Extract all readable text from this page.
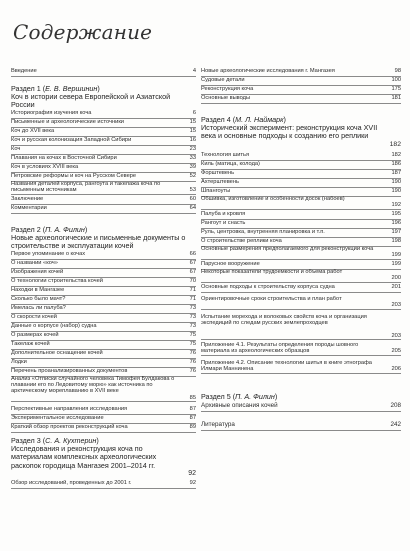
Содержание
Введение	4
Раздел 1 (Е. В. Вершинин)
Коч в истории севера Европейской и Азиатской России
Историография изучения коча	6
Письменные и археологические источники	15
Коч до XVII века	15
Коч и русская колонизация Западной Сибири	16
Коч	23
Плавания на кочах в Восточной Сибири	33
Коч в условиях XVIII века	39
Петровские реформы и коч на Русском Севере	52
Названия деталей корпуса, рангоута и такелажа коча по письменным источникам	53
Заключение	60
Комментарии	64
Раздел 2 (П. А. Филин)
Новые археологические и письменные документы о строительстве и эксплуатации кочей
Первое упоминание о кочах	66
О названии «коч»	67
Изображения кочей	67
О технологии строительства кочей	70
Находки в Мангазее	71
Сколько было мачт?	71
Имелась ли палуба?	73
О скорости кочей	73
Данные о корпусе (набор) судна	73
О размерах кочей	75
Такелаж кочей	75
Дополнительное оснащение кочей	76
Лодки	76
Перечень проанализированных документов	76
Анализ «Отписки случайного человека Тимофея Булдакова о плавании его по Ледовитому морю» как источника по арктическому мореплаванию в XVII веке
85
Перспективные направления исследования	87
Экспериментальное исследование	87
Краткий обзор проектов реконструкций коча	89
Раздел 3 (С. А. Кухтерин)
Исследования и реконструкция коча по материалам комплексных археологических раскопок городища Мангазея 2001–2014 гг.
92
Обзор исследований, проведенных до 2001 г.	92
Новые археологические исследования г. Мангазея	98
Судовые детали	100
Реконструкция коча	175
Основные выводы	181
Раздел 4 (М. Л. Наймарк)
Исторический эксперимент: реконструкция коча XVII века и основные подходы к созданию его реплики
182
Технология шитья	182
Киль (матица, колода)	186
Форштевень	187
Ахтерштевень	190
Шпангоуты	190
Обшивка, изготовление и особенности досок (набоев)
192
Палуба и кровля	195
Рангоут и снасть	196
Руль, центровка, внутренняя планировка и т.п.	197
О строительстве реплики коча	198
Основные размерения предполагаемого для реконструкции коча
199
Парусное вооружение	199
Некоторые показатели трудоемкости и объема работ
200
Основные подходы к строительству корпуса судна	201
Ориентировочные сроки строительства и план работ
203
Испытание морехода и волоковых свойств коча и организация экспедиций по следам русских землепроходцев
203
Приложение 4.1. Результаты определения породы шовного материала из археологических образцов	205
Приложение 4.2. Описание технологии шитья в книге этнографа Илмари Маннинена	206
Раздел 5 (П. А. Филин)
Архивные описания кочей	208
Литература	242
